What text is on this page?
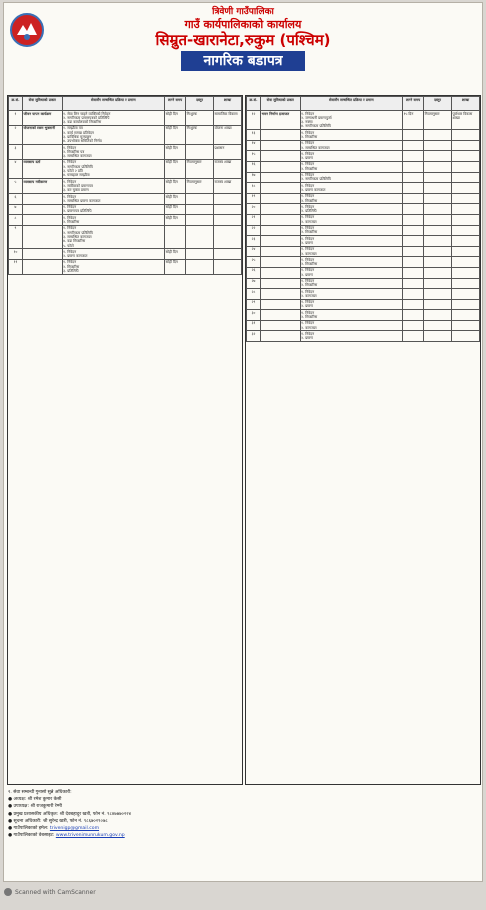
त्रिवेणी गाउँपालिका
गाउँ कार्यपालिकाको कार्यालय
सिम्रुत-खारानेटा,रुकुम (पश्चिम)
नागरिक बडापत्र
क्र.सं.	सेवा सुविधाको प्रकार	सेवासँग सम्बन्धित प्रक्रिया र प्रमाण	लाग्ने समय	दस्तुर	शाखा
१	जीवन यापन कार्यक्रम	१. सेवा लिन चाहने व्यक्तिको निवेदन
२. नागरिकता प्रमाणपत्रको प्रतिलिपि
३. वडा कार्यालयको सिफारिस	सोही दिन	निःशुल्क	सामाजिक विकास
२	योजनाको रकम भुक्तानी	१. सम्झौता पत्र
२. कार्य सम्पन्न प्रतिवेदन
३. प्राविधिक मूल्याङ्कन
४. उपभोक्ता समितिको निर्णय	सोही दिन	निःशुल्क	योजना शाखा
३		१. निवेदन
२. सिफारिस पत्र
३. सम्बन्धित कागजात	सोही दिन		प्रशासन
४	व्यवसाय दर्ता	१. निवेदन
२. नागरिकता प्रतिलिपि
३. फोटो २ प्रति
४. घरबहाल सम्झौता	सोही दिन	नियमानुसार	राजस्व शाखा
५	व्यवसाय नवीकरण	१. निवेदन
२. साविकको प्रमाणपत्र
३. कर चुक्ता प्रमाण	सोही दिन	नियमानुसार	राजस्व शाखा
६		१. निवेदन
२. सम्बन्धित प्रमाण कागजात	सोही दिन		
७		१. निवेदन
२. प्रमाणपत्र प्रतिलिपि	सोही दिन		
८		१. निवेदन
२. सिफारिस	सोही दिन		
९		१. निवेदन
२. नागरिकता प्रतिलिपि
३. सम्बन्धित कागजात
४. वडा सिफारिस
५. फोटो			
१०		१. निवेदन
२. प्रमाण कागजात	सोही दिन		
११		१. निवेदन
२. सिफारिस
३. प्रतिलिपि	सोही दिन		
क्र.सं.	सेवा सुविधाको प्रकार	सेवासँग सम्बन्धित प्रक्रिया र प्रमाण	लाग्ने समय	दस्तुर	शाखा
१२	भवन निर्माण इजाजत	१. निवेदन
२. जग्गाधनी प्रमाणपुर्जा
३. नक्सा
४. नागरिकता प्रतिलिपि	१५ दिन	नियमानुसार	पूर्वाधार विकास शाखा
१३		१. निवेदन
२. सिफारिस			
१४		१. निवेदन
२. सम्बन्धित कागजात			
१५		१. निवेदन
२. प्रमाण			
१६		१. निवेदन
२. सिफारिस			
१७		१. निवेदन
२. नागरिकता प्रतिलिपि			
१८		१. निवेदन
२. प्रमाण कागजात			
१९		१. निवेदन
२. सिफारिस			
२०		१. निवेदन
२. प्रतिलिपि			
२१		१. निवेदन
२. कागजात			
२२		१. निवेदन
२. सिफारिस			
२३		१. निवेदन
२. प्रमाण			
२४		१. निवेदन
२. कागजात			
२५		१. निवेदन
२. सिफारिस			
२६		१. निवेदन
२. प्रमाण			
२७		१. निवेदन
२. सिफारिस			
२८		१. निवेदन
२. कागजात			
२९		१. निवेदन
२. प्रमाण			
३०		१. निवेदन
२. सिफारिस			
३१		१. निवेदन
२. कागजात			
३२		१. निवेदन
२. प्रमाण			
२. सेवा सम्बन्धी गुनासो सुन्ने अधिकारी:
● अध्यक्ष: श्री रमेश कुमार केसी
● उपाध्यक्ष: श्री राजकुमारी रेग्मी
● प्रमुख प्रशासकीय अधिकृत: श्री देवबहादुर खत्री, फोन नं. ९८४७७७०२२४
● सूचना अधिकारी: श्री सुरेन्द्र खत्री, फोन नं. ९८६७०२९०७८
● गाउँपालिकाको इमेल: trivenigp@gmail.com
● गाउँपालिकाको वेबसाइट: www.trivenimunrukum.gov.np
Scanned with CamScanner
